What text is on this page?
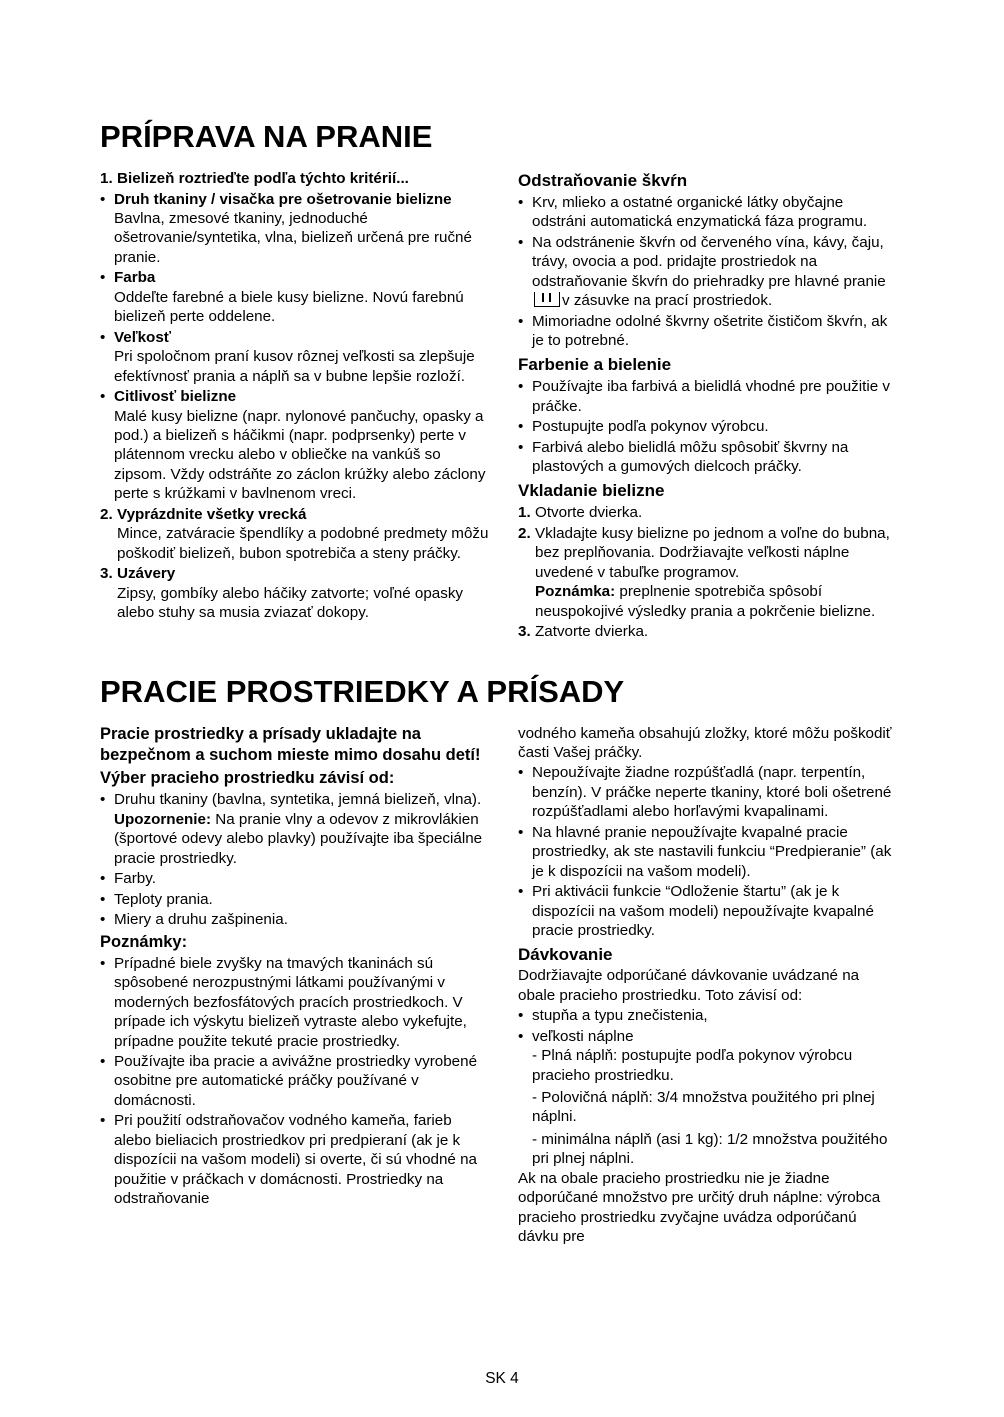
PRÍPRAVA NA PRANIE
1. Bielizeň roztrieďte podľa týchto kritérií...
• Druh tkaniny / visačka pre ošetrovanie bielizne

Bavlna, zmesové tkaniny, jednoduché ošetrovanie/syntetika, vlna, bielizeň určená pre ručné pranie.

• Farba

Oddeľte farebné a biele kusy bielizne. Novú farebnú bielizeň perte oddelene.

• Veľkosť

Pri spoločnom praní kusov rôznej veľkosti sa zlepšuje efektívnosť prania a náplň sa v bubne lepšie rozloží.

• Citlivosť bielizne

Malé kusy bielizne (napr. nylonové pančuchy, opasky a pod.) a bielizeň s háčikmi (napr. podprsenky) perte v plátennom vrecku alebo v obliečke na vankúš so zipsom. Vždy odstráňte zo záclon krúžky alebo záclony perte s krúžkami v bavlnenom vreci.

2. Vyprázdnite všetky vrecká

Mince, zatváracie špendlíky a podobné predmety môžu poškodiť bielizeň, bubon spotrebiča a steny práčky.

3. Uzávery

Zipsy, gombíky alebo háčiky zatvorte; voľné opasky alebo stuhy sa musia zviazať dokopy.

Odstraňovanie škvŕn

• Krv, mlieko a ostatné organické látky obyčajne odstráni automatická enzymatická fáza programu.
• Na odstránenie škvŕn od červeného vína, kávy, čaju, trávy, ovocia a pod. pridajte prostriedok na odstraňovanie škvŕn do priehradky pre hlavné praniev zásuvke na prací prostriedok.
• Mimoriadne odolné škvrny ošetrite čističom škvŕn, ak je to potrebné.

Farbenie a bielenie

• Používajte iba farbivá a bielidlá vhodné pre použitie v práčke.
• Postupujte podľa pokynov výrobcu.
• Farbivá alebo bielidlá môžu spôsobiť škvrny na plastových a gumových dielcoch práčky.

Vkladanie bielizne

1. Otvorte dvierka.
2. Vkladajte kusy bielizne po jednom a voľne do bubna, bez preplňovania. Dodržiavajte veľkosti náplne uvedené v tabuľke programov.

Poznámka: preplnenie spotrebiča spôsobí neuspokojivé výsledky prania a pokrčenie bielizne.

3. Zatvorte dvierka.
PRACIE PROSTRIEDKY A PRÍSADY

Pracie prostriedky a prísady ukladajte na bezpečnom a suchom mieste mimo dosahu detí!

Výber pracieho prostriedku závisí od:

• Druhu tkaniny (bavlna, syntetika, jemná bielizeň, vlna).

Upozornenie: Na pranie vlny a odevov z mikrovlákien (športové odevy alebo plavky) používajte iba špeciálne pracie prostriedky.

• Farby.
• Teploty prania.
• Miery a druhu zašpinenia.

Poznámky:

• Prípadné biele zvyšky na tmavých tkaninách sú spôsobené nerozpustnými látkami používanými v moderných bezfosfátových pracích prostriedkoch. V prípade ich výskytu bielizeň vytraste alebo vykefujte, prípadne použite tekuté pracie prostriedky.
• Používajte iba pracie a avivážne prostriedky vyrobené osobitne pre automatické práčky používané v domácnosti.
• Pri použití odstraňovačov vodného kameňa, farieb alebo bieliacich prostriedkov pri predpieraní (ak je k dispozícii na vašom modeli) si overte, či sú vhodné na použitie v práčkach v domácnosti. Prostriedky na odstraňovanie

vodného kameňa obsahujú zložky, ktoré môžu poškodiť časti Vašej práčky.

• Nepoužívajte žiadne rozpúšťadlá (napr. terpentín, benzín). V práčke neperte tkaniny, ktoré boli ošetrené rozpúšťadlami alebo horľavými kvapalinami.
• Na hlavné pranie nepoužívajte kvapalné pracie prostriedky, ak ste nastavili funkciu “Predpieranie” (ak je k dispozícii na vašom modeli).
• Pri aktivácii funkcie “Odloženie štartu” (ak je k dispozícii na vašom modeli) nepoužívajte kvapalné pracie prostriedky.

Dávkovanie

Dodržiavajte odporúčané dávkovanie uvádzané na obale pracieho prostriedku. Toto závisí od:

• stupňa a typu znečistenia,
• veľkosti náplne

- Plná náplň: postupujte podľa pokynov výrobcu pracieho prostriedku.

- Polovičná náplň: 3/4 množstva použitého pri plnej náplni.

- minimálna náplň (asi 1 kg): 1/2 množstva použitého pri plnej náplni.

Ak na obale pracieho prostriedku nie je žiadne odporúčané množstvo pre určitý druh náplne: výrobca pracieho prostriedku zvyčajne uvádza odporúčanú dávku pre

SK 4
